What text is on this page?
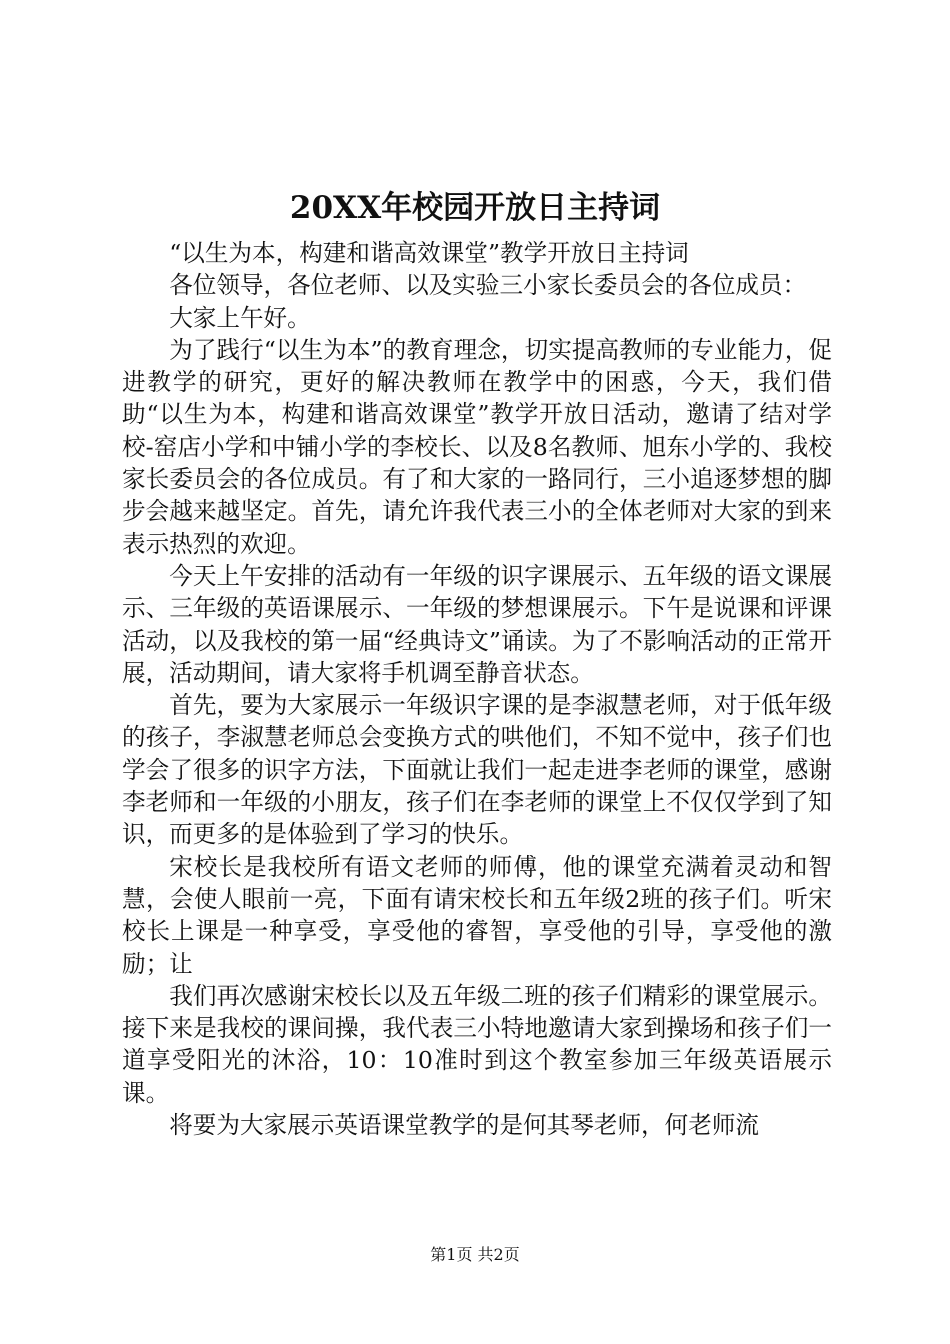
20XX年校园开放日主持词

“以生为本，构建和谐高效课堂”教学开放日主持词

各位领导，各位老师、以及实验三小家长委员会的各位成员：

大家上午好。

为了践行“以生为本”的教育理念，切实提高教师的专业能力，促进教学的研究，更好的解决教师在教学中的困惑，今天，我们借助“以生为本，构建和谐高效课堂”教学开放日活动，邀请了结对学校-窑店小学和中铺小学的李校长、以及8名教师、旭东小学的、我校家长委员会的各位成员。有了和大家的一路同行，三小追逐梦想的脚步会越来越坚定。首先，请允许我代表三小的全体老师对大家的到来表示热烈的欢迎。

今天上午安排的活动有一年级的识字课展示、五年级的语文课展示、三年级的英语课展示、一年级的梦想课展示。下午是说课和评课活动，以及我校的第一届“经典诗文”诵读。为了不影响活动的正常开展，活动期间，请大家将手机调至静音状态。

首先，要为大家展示一年级识字课的是李淑慧老师，对于低年级的孩子，李淑慧老师总会变换方式的哄他们，不知不觉中，孩子们也学会了很多的识字方法，下面就让我们一起走进李老师的课堂，感谢李老师和一年级的小朋友，孩子们在李老师的课堂上不仅仅学到了知识，而更多的是体验到了学习的快乐。

宋校长是我校所有语文老师的师傅，他的课堂充满着灵动和智慧，会使人眼前一亮，下面有请宋校长和五年级2班的孩子们。听宋校长上课是一种享受，享受他的睿智，享受他的引导，享受他的激励；让

我们再次感谢宋校长以及五年级二班的孩子们精彩的课堂展示。接下来是我校的课间操，我代表三小特地邀请大家到操场和孩子们一道享受阳光的沐浴，10：10准时到这个教室参加三年级英语展示课。

将要为大家展示英语课堂教学的是何其琴老师，何老师流

第1页 共2页
